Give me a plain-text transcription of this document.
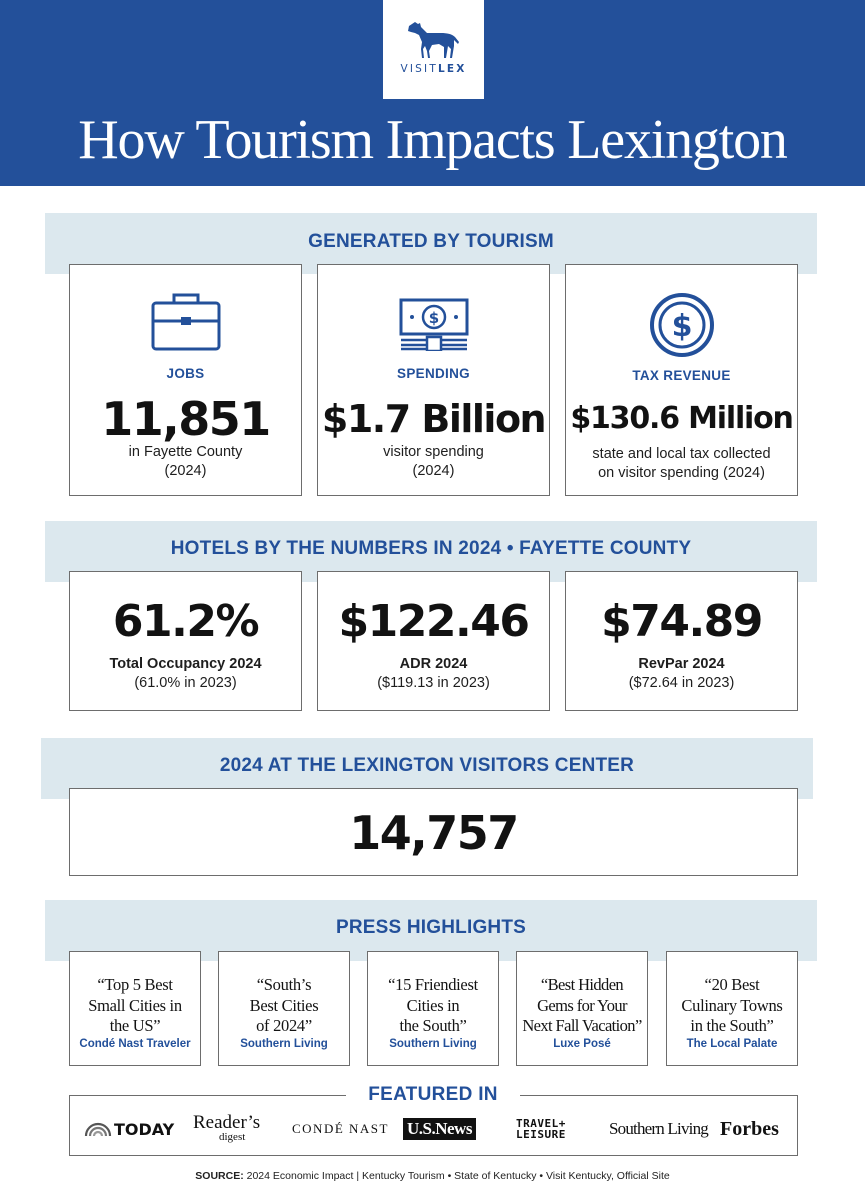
VISITLEX
How Tourism Impacts Lexington
GENERATED BY TOURISM
JOBS
11,851
in Fayette County
(2024)
$
SPENDING
$1.7 Billion
visitor spending
(2024)
$
TAX REVENUE
$130.6 Million
state and local tax collected
on visitor spending (2024)
HOTELS BY THE NUMBERS IN 2024 • FAYETTE COUNTY
61.2%
Total Occupancy 2024
(61.0% in 2023)
$122.46
ADR 2024
($119.13 in 2023)
$74.89
RevPar 2024
($72.64 in 2023)
2024 AT THE LEXINGTON VISITORS CENTER
14,757
PRESS HIGHLIGHTS
“Top 5 Best
Small Cities in
the US”
Condé Nast Traveler
“South’s
Best Cities
of 2024”
Southern Living
“15 Friendiest
Cities in
the South”
Southern Living
“Best Hidden
Gems for Your
Next Fall Vacation”
Luxe Posé
“20 Best
Culinary Towns
in the South”
The Local Palate
FEATURED IN
TODAY Reader’s
digest
CONDÉ NAST U.S.News	TRAVEL+
LEISURE	Southern Living Forbes
SOURCE: 2024 Economic Impact | Kentucky Tourism • State of Kentucky • Visit Kentucky, Official Site
